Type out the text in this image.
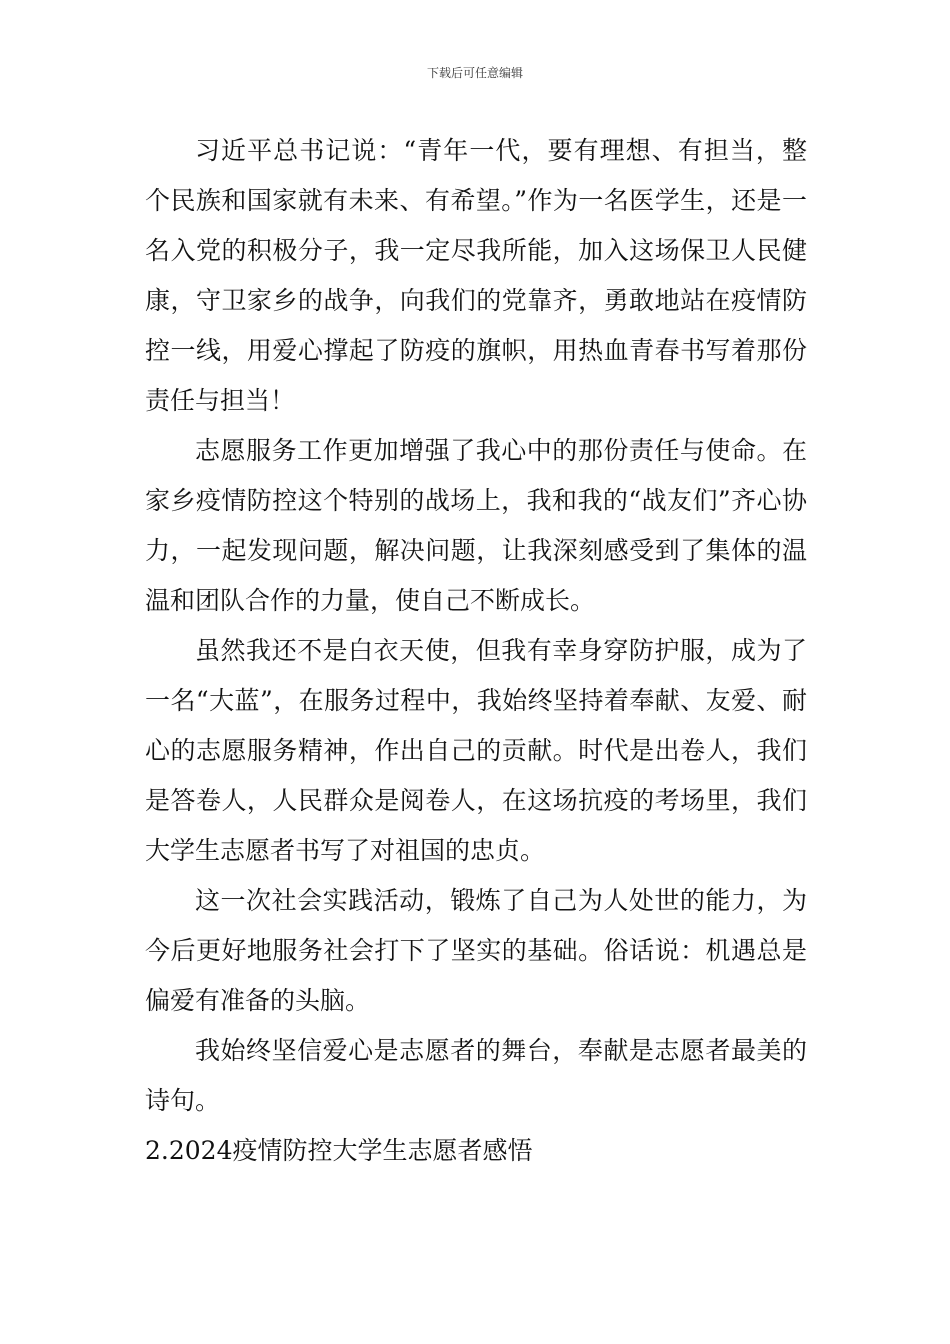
下载后可任意编辑

习近平总书记说：“青年一代，要有理想、有担当，整个民族和国家就有未来、有希望。”作为一名医学生，还是一名入党的积极分子，我一定尽我所能，加入这场保卫人民健康，守卫家乡的战争，向我们的党靠齐，勇敢地站在疫情防控一线，用爱心撑起了防疫的旗帜，用热血青春书写着那份责任与担当！

志愿服务工作更加增强了我心中的那份责任与使命。在家乡疫情防控这个特别的战场上，我和我的“战友们”齐心协力，一起发现问题，解决问题，让我深刻感受到了集体的温温和团队合作的力量，使自己不断成长。

虽然我还不是白衣天使，但我有幸身穿防护服，成为了一名“大蓝”，在服务过程中，我始终坚持着奉献、友爱、耐心的志愿服务精神，作出自己的贡献。时代是出卷人，我们是答卷人，人民群众是阅卷人，在这场抗疫的考场里，我们大学生志愿者书写了对祖国的忠贞。

这一次社会实践活动，锻炼了自己为人处世的能力，为今后更好地服务社会打下了坚实的基础。俗话说：机遇总是偏爱有准备的头脑。

我始终坚信爱心是志愿者的舞台，奉献是志愿者最美的诗句。

2.2024疫情防控大学生志愿者感悟
